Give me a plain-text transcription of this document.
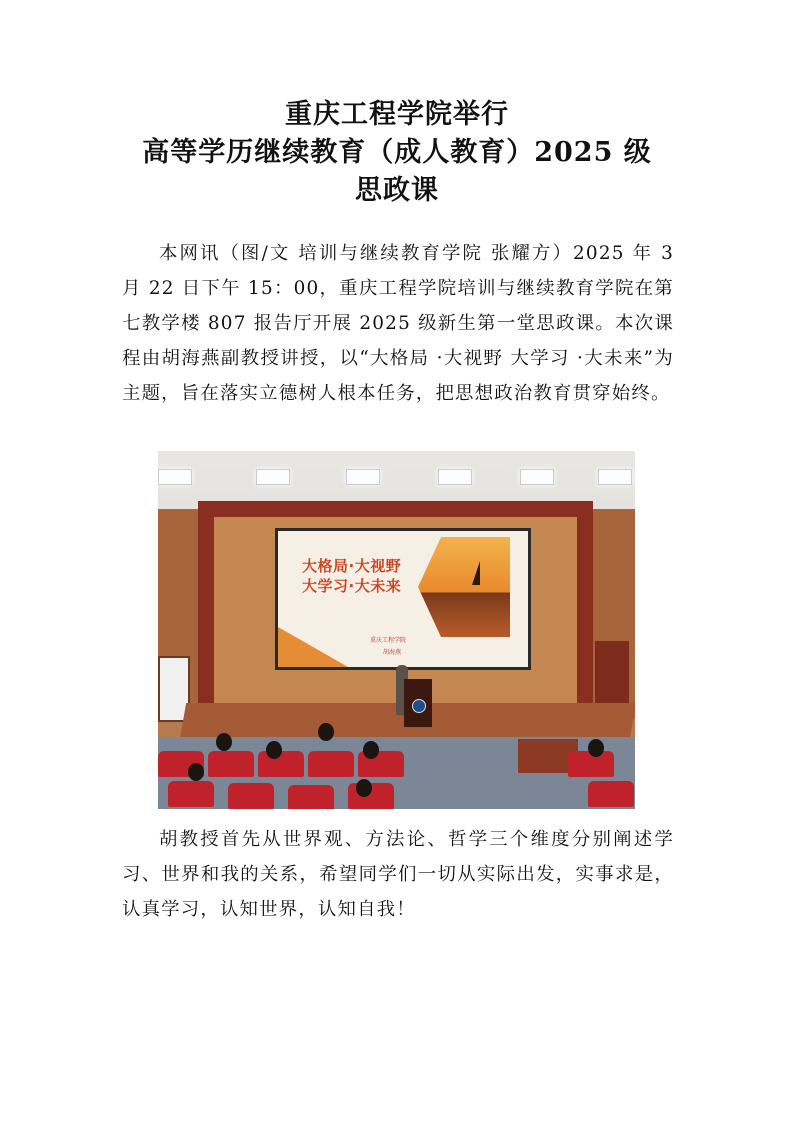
重庆工程学院举行
高等学历继续教育（成人教育）2025 级
思政课

本网讯（图/文 培训与继续教育学院 张耀方）2025 年 3 月 22 日下午 15：00，重庆工程学院培训与继续教育学院在第七教学楼 807 报告厅开展 2025 级新生第一堂思政课。本次课程由胡海燕副教授讲授，以“大格局 ·大视野 大学习 ·大未来”为主题，旨在落实立德树人根本任务，把思想政治教育贯穿始终。

大格局·大视野
大学习·大未来
重庆工程学院
胡海燕

胡教授首先从世界观、方法论、哲学三个维度分别阐述学习、世界和我的关系，希望同学们一切从实际出发，实事求是，认真学习，认知世界，认知自我！
